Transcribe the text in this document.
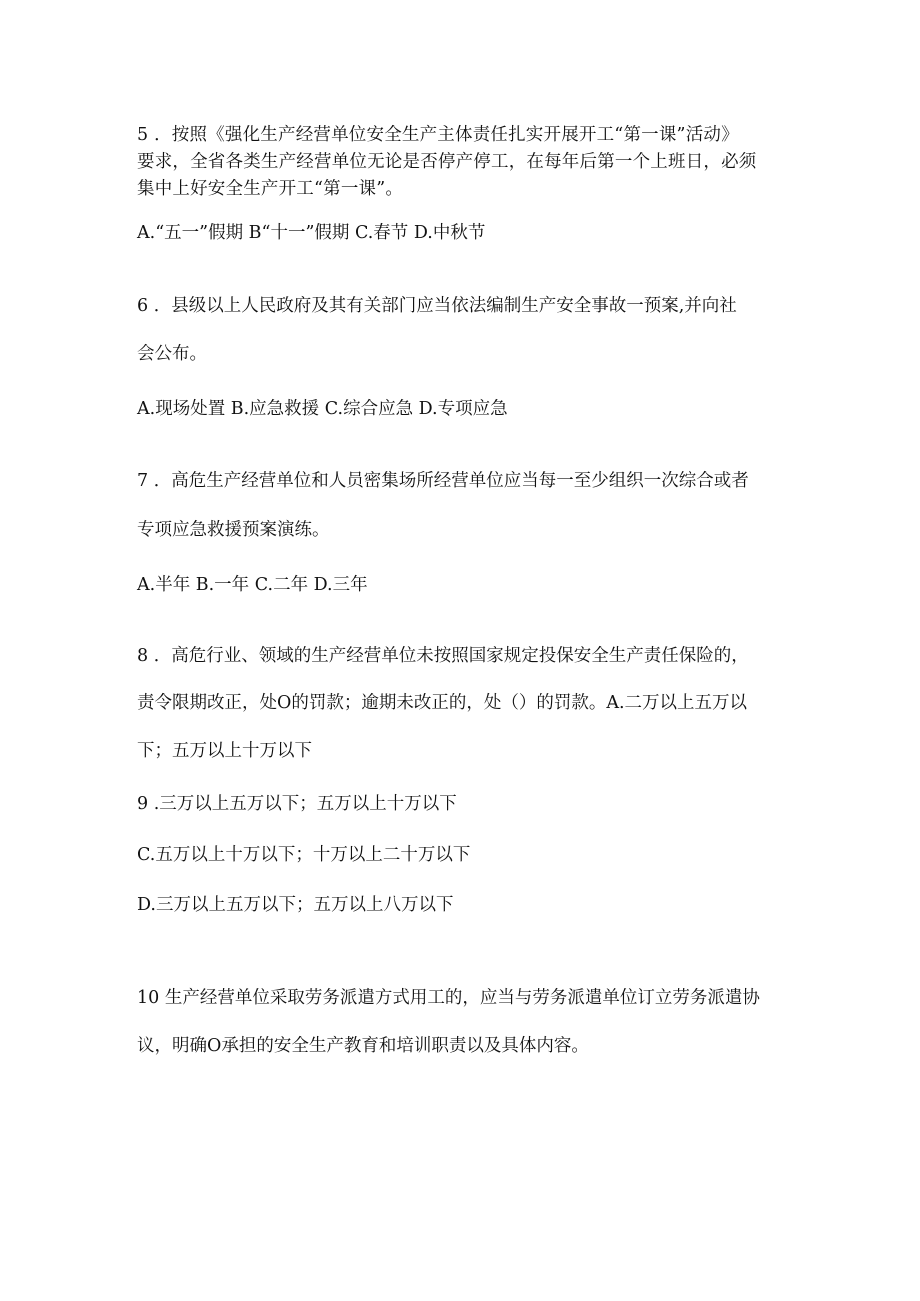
5 ．按照《强化生产经营单位安全生产主体责任扎实开展开工“第一课”活动》

要求，全省各类生产经营单位无论是否停产停工，在每年后第一个上班日，必须

集中上好安全生产开工“第一课”。

A.“五一”假期 B“十一”假期 C.春节 D.中秋节

6 ．县级以上人民政府及其有关部门应当依法编制生产安全事故一预案,并向社

会公布。

A.现场处置 B.应急救援 C.综合应急 D.专项应急

7 ．高危生产经营单位和人员密集场所经营单位应当每一至少组织一次综合或者

专项应急救援预案演练。

A.半年 B.一年 C.二年 D.三年

8 ．高危行业、领域的生产经营单位未按照国家规定投保安全生产责任保险的，

责令限期改正，处O的罚款；逾期未改正的，处（）的罚款。A.二万以上五万以

下；五万以上十万以下

9 .三万以上五万以下；五万以上十万以下

C.五万以上十万以下；十万以上二十万以下

D.三万以上五万以下；五万以上八万以下

10 生产经营单位采取劳务派遣方式用工的，应当与劳务派遣单位订立劳务派遣协

议，明确O承担的安全生产教育和培训职责以及具体内容。
